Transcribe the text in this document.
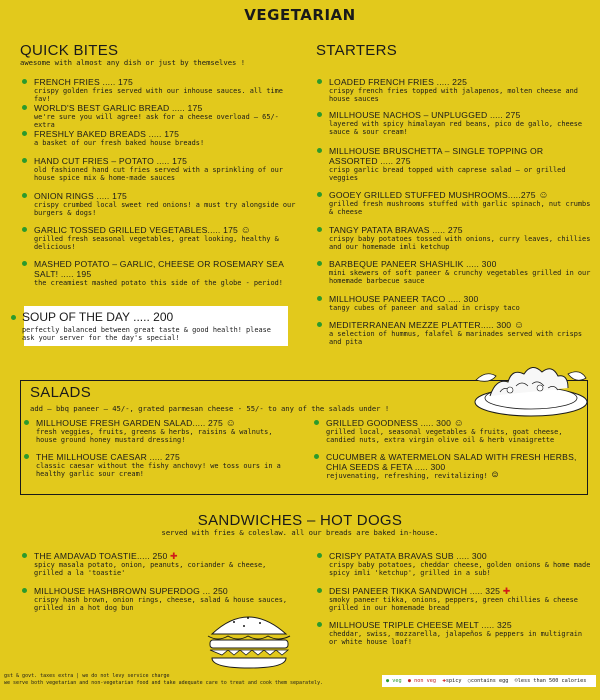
VEGETARIAN
QUICK BITES
awesome with almost any dish or just by themselves !
FRENCH FRIES ..... 175
crispy golden fries served with our inhouse sauces. all time fav!
WORLD'S BEST GARLIC BREAD ..... 175
we're sure you will agree! ask for a cheese overload – 65/- extra
FRESHLY BAKED BREADS ..... 175
a basket of our fresh baked house breads!
HAND CUT FRIES – POTATO ..... 175
old fashioned hand cut fries served with a sprinkling of our house spice mix & home-made sauces
ONION RINGS ..... 175
crispy crumbed local sweet red onions! a must try alongside our burgers & dogs!
GARLIC TOSSED GRILLED VEGETABLES..... 175 ☺
grilled fresh seasonal vegetables, great looking, healthy & delicious!
MASHED POTATO – GARLIC, CHEESE OR ROSEMARY SEA SALT! ..... 195
the creamiest mashed potato this side of the globe - period!
SOUP OF THE DAY ..... 200
perfectly balanced between great taste & good health! please ask your server for the day's special!
STARTERS
LOADED FRENCH FRIES ..... 225
crispy french fries topped with jalapenos, molten cheese and house sauces
MILLHOUSE NACHOS – UNPLUGGED ..... 275
layered with spicy himalayan red beans, pico de gallo, cheese sauce & sour cream!
MILLHOUSE BRUSCHETTA – SINGLE TOPPING OR ASSORTED ..... 275
crisp garlic bread topped with caprese salad – or grilled veggies
GOOEY GRILLED STUFFED MUSHROOMS.....275 ☺
grilled fresh mushrooms stuffed with garlic spinach, nut crumbs & cheese
TANGY PATATA BRAVAS ..... 275
crispy baby potatoes tossed with onions, curry leaves, chillies and our homemade imli ketchup
BARBEQUE PANEER SHASHLIK ..... 300
mini skewers of soft paneer & crunchy vegetables grilled in our homemade barbecue sauce
MILLHOUSE PANEER TACO ..... 300
tangy cubes of paneer and salad in crispy taco
MEDITERRANEAN MEZZE PLATTER..... 300 ☺
a selection of hummus, falafel & marinades served with crisps and pita
SALADS
add – bbq paneer – 45/-, grated parmesan cheese - 55/- to any of the salads under !
MILLHOUSE FRESH GARDEN SALAD..... 275 ☺
fresh veggies, fruits, greens & herbs, raisins & walnuts, house ground honey mustard dressing!
THE MILLHOUSE CAESAR ..... 275
classic caesar without the fishy anchovy! we toss ours in a healthy garlic sour cream!
GRILLED GOODNESS ..... 300 ☺
grilled local, seasonal vegetables & fruits, goat cheese, candied nuts, extra virgin olive oil & herb vinaigrette
CUCUMBER & WATERMELON SALAD WITH FRESH HERBS, CHIA SEEDS & FETA ..... 300
rejuvenating, refreshing, revitalizing! ☺
SANDWICHES – HOT DOGS
served with fries & coleslaw. all our breads are baked in-house.
THE AMDAVAD TOASTIE..... 250 ✚
spicy masala potato, onion, peanuts, coriander & cheese, grilled a la 'toastie'
MILLHOUSE HASHBROWN SUPERDOG ... 250
crispy hash brown, onion rings, cheese, salad & house sauces, grilled in a hot dog bun
CRISPY PATATA BRAVAS SUB ..... 300
crispy baby potatoes, cheddar cheese, golden onions & home made spicy imli 'ketchup', grilled in a sub!
DESI PANEER TIKKA SANDWICH ..... 325 ✚
smoky paneer tikka, onions, peppers, green chillies & cheese grilled in our homemade bread
MILLHOUSE TRIPLE CHEESE MELT ..... 325
cheddar, swiss, mozzarella, jalapeños & peppers in multigrain or white house loaf!
gst & govt. taxes extra | we do not levy service charge
we serve both vegetarian and non-vegetarian food and take adequate care to treat and cook them separately.	● veg ● non veg ✚spicy ○contains egg ☺less than 500 calories
